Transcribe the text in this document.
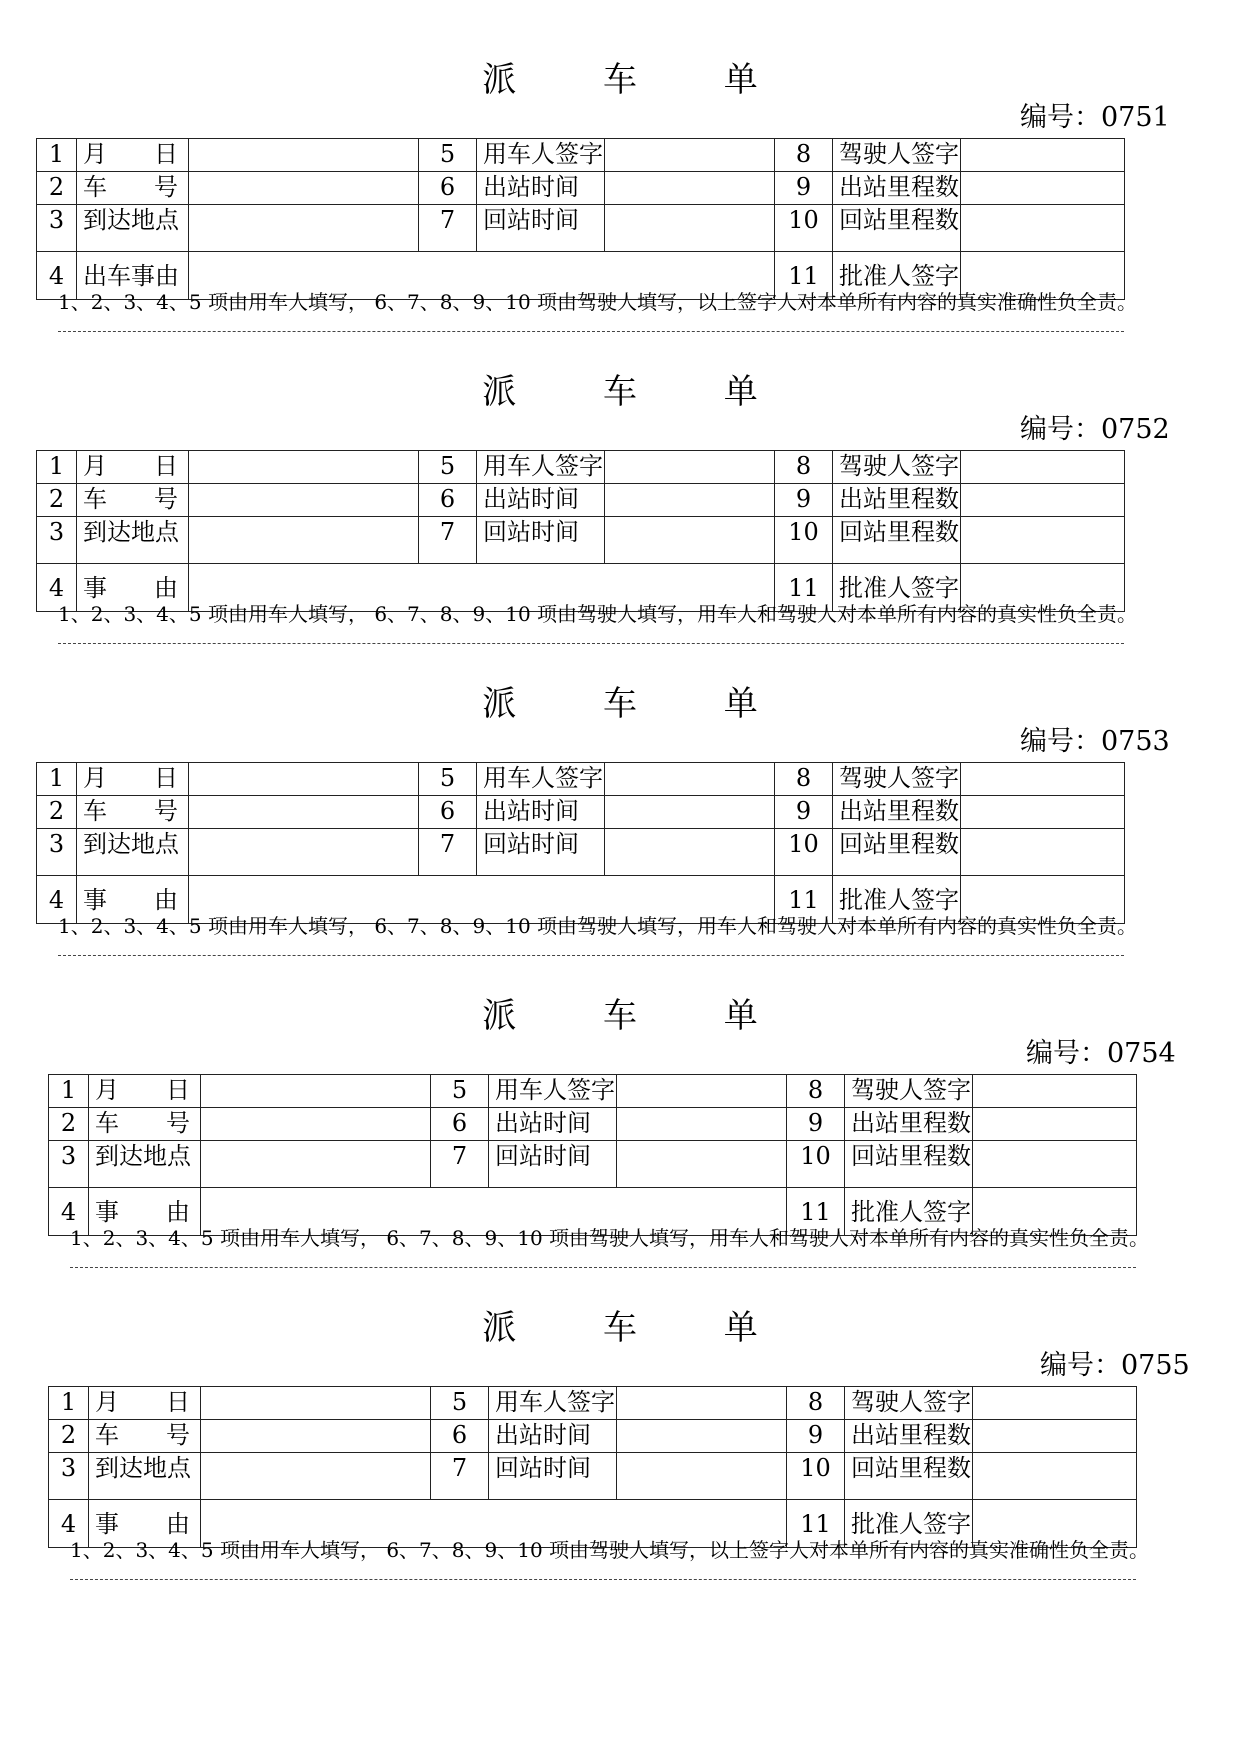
派 车 单
编号：0751
1	月 日		5	用车人签字		8	驾驶人签字	
2	车 号		6	出站时间		9	出站里程数	
3	到达地点		7	回站时间		10	回站里程数	
4	出车事由					11	批准人签字	
1、2、3、4、5 项由用车人填写， 6、7、8、9、10 项由驾驶人填写，以上签字人对本单所有内容的真实准确性负全责。
派 车 单
编号：0752
1	月 日		5	用车人签字		8	驾驶人签字	
2	车 号		6	出站时间		9	出站里程数	
3	到达地点		7	回站时间		10	回站里程数	
4	事 由					11	批准人签字	
1、2、3、4、5 项由用车人填写， 6、7、8、9、10 项由驾驶人填写，用车人和驾驶人对本单所有内容的真实性负全责。
派 车 单
编号：0753
1	月 日		5	用车人签字		8	驾驶人签字	
2	车 号		6	出站时间		9	出站里程数	
3	到达地点		7	回站时间		10	回站里程数	
4	事 由					11	批准人签字	
1、2、3、4、5 项由用车人填写， 6、7、8、9、10 项由驾驶人填写，用车人和驾驶人对本单所有内容的真实性负全责。
派 车 单
编号：0754
1	月 日		5	用车人签字		8	驾驶人签字	
2	车 号		6	出站时间		9	出站里程数	
3	到达地点		7	回站时间		10	回站里程数	
4	事 由					11	批准人签字	
1、2、3、4、5 项由用车人填写， 6、7、8、9、10 项由驾驶人填写，用车人和驾驶人对本单所有内容的真实性负全责。
派 车 单
编号：0755
1	月 日		5	用车人签字		8	驾驶人签字	
2	车 号		6	出站时间		9	出站里程数	
3	到达地点		7	回站时间		10	回站里程数	
4	事 由					11	批准人签字	
1、2、3、4、5 项由用车人填写， 6、7、8、9、10 项由驾驶人填写，以上签字人对本单所有内容的真实准确性负全责。
